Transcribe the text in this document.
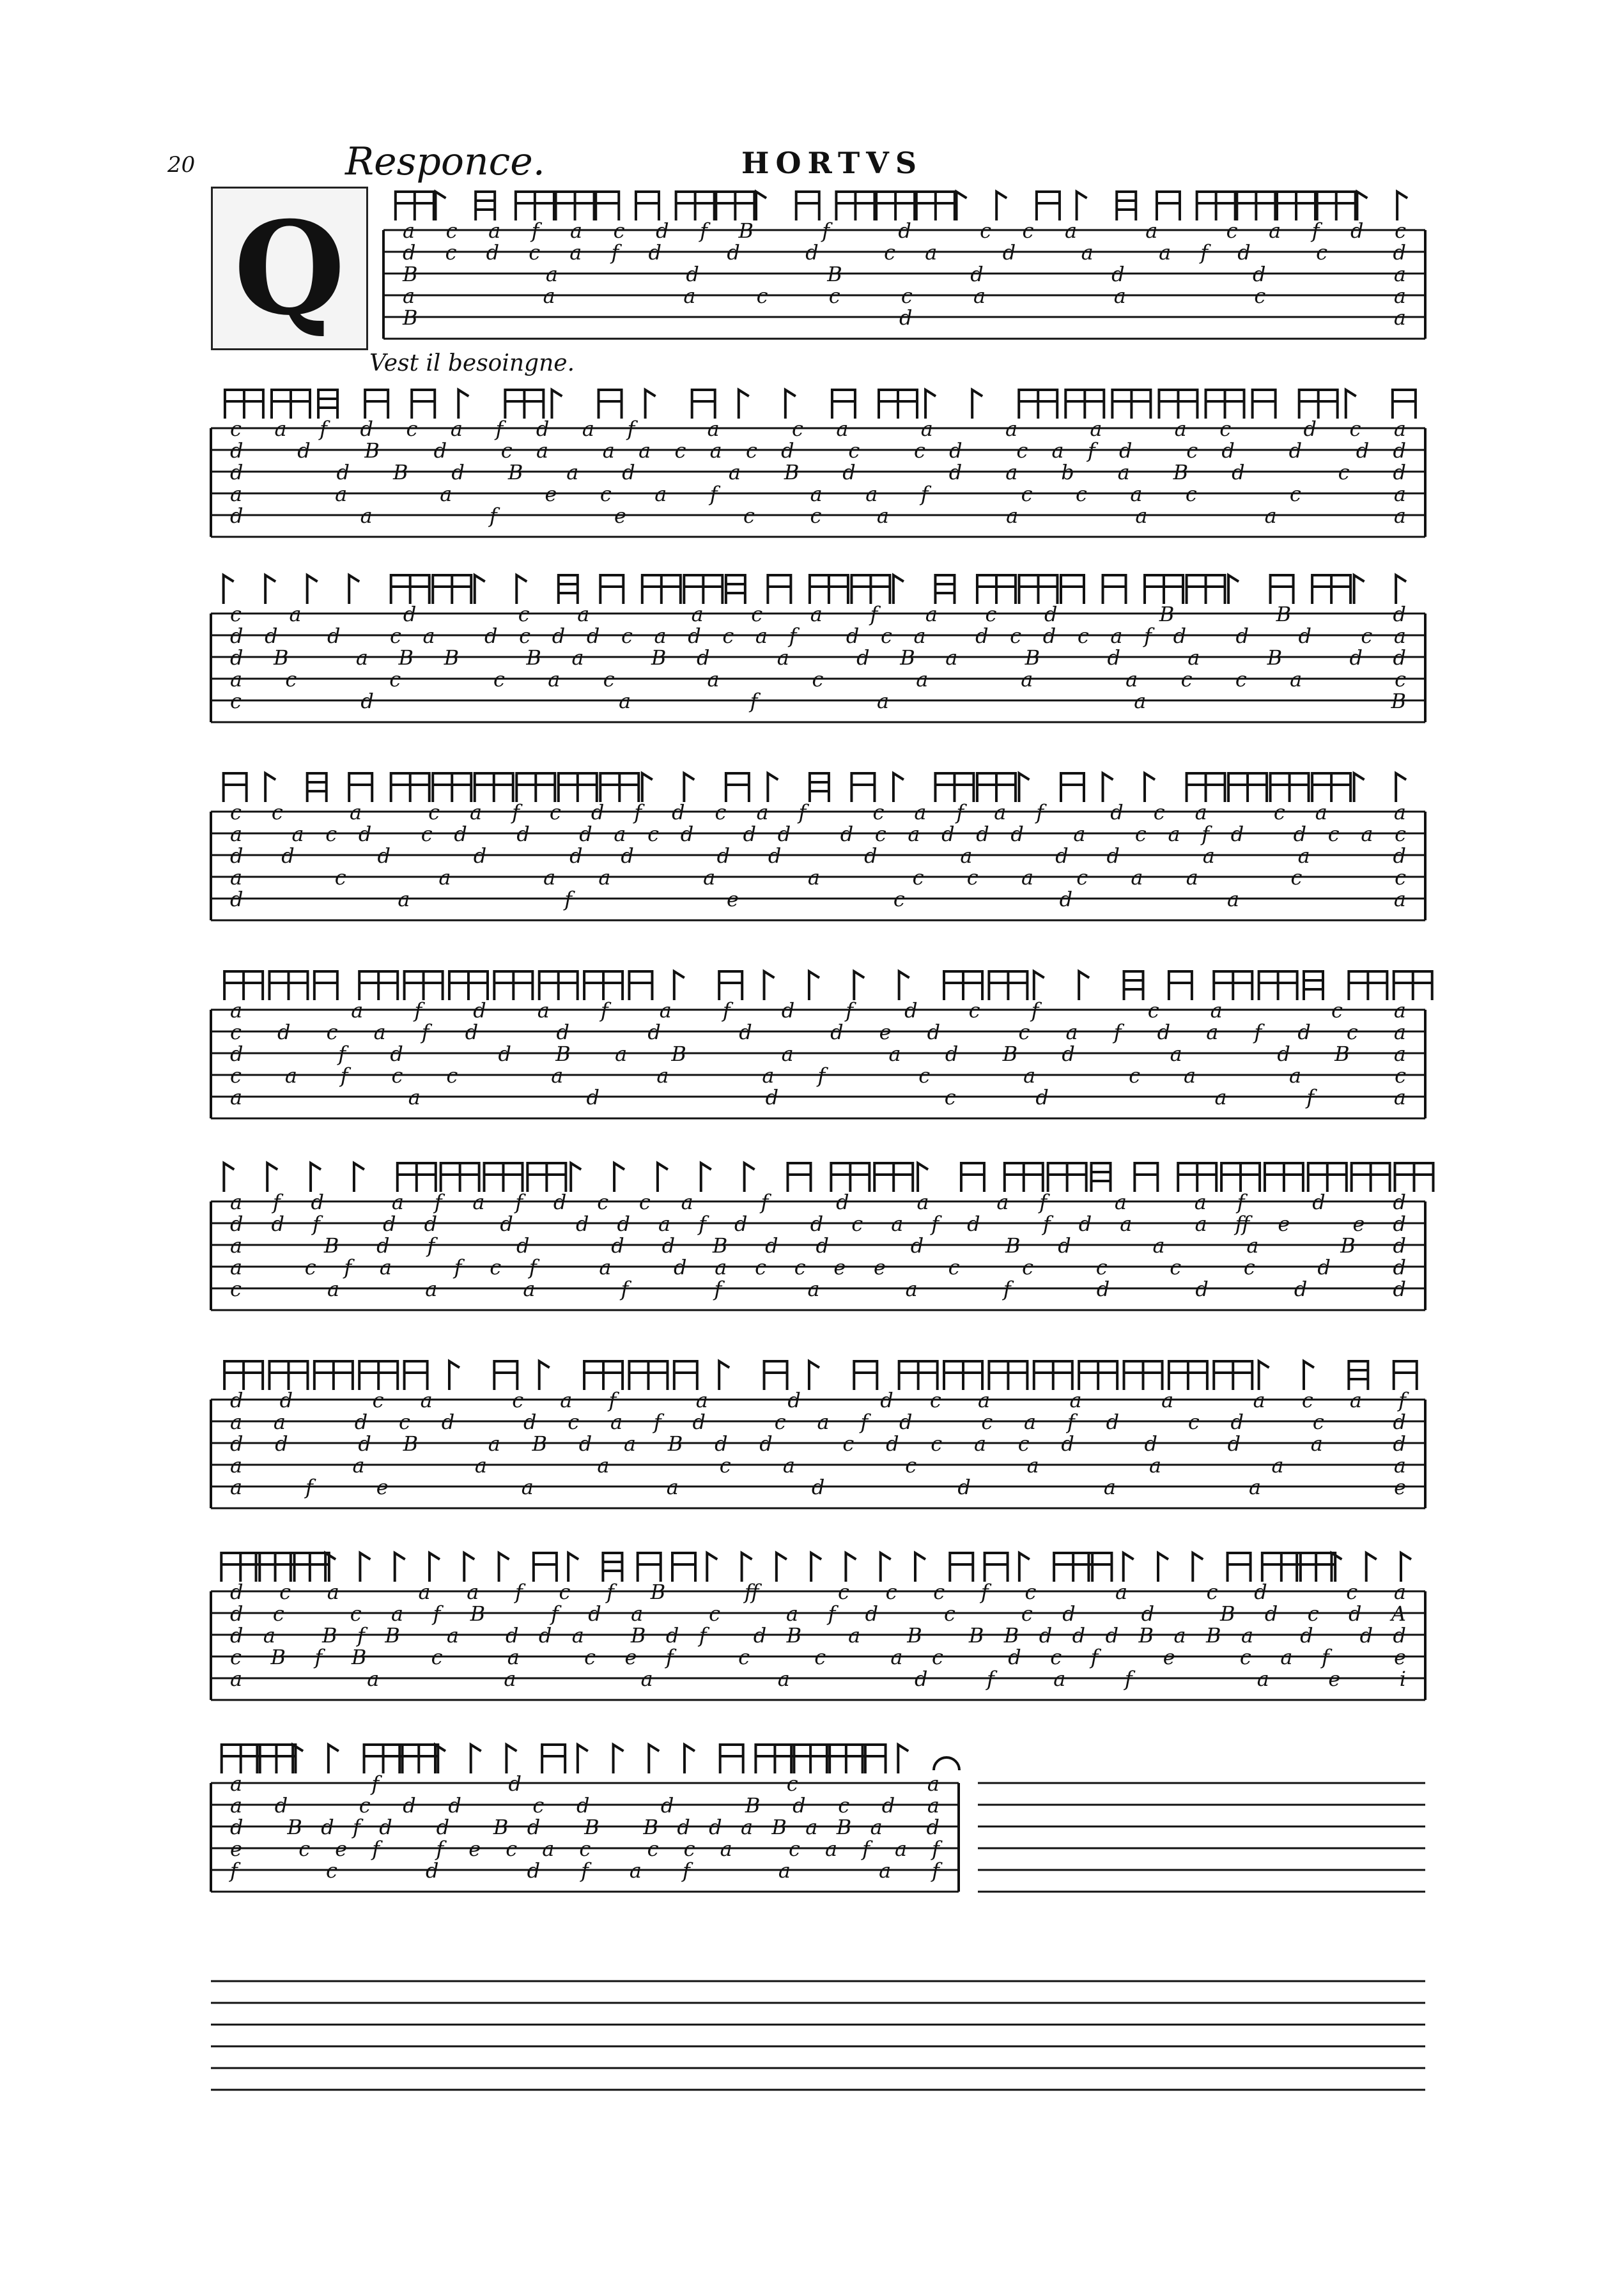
20	Responce.	HORTVS
Q
Vest il besoingne.
acafacdfB f d cca a cafdc
dcdcafd d d ca d a afd c d
B a d B d d d a
a a accca a c a
B d a
cafdcafdaf a ca a a a ac dca
d d B d ca aacacd c cd cafd cd d dd
d dBdBad aBd dabaBd cd
a a a ecaf aaf ccac c a
d a f e cca a a a a
ca d ca acafacd B B d
dd d ca dcddcadcaf dca dcdcafd d d ca
dB aBB Ba Bd a dBa B d a B dd
ac c cac a c a a acca c
cd afa a B
cc a cafcdfdcaf cafaf dca ca a
a acd cd d dacd dd dcaddd a cafd dcac
dd d d dd dd d a dd a a d
a c a aa a a ccacaa c c
d a f e c d a a
a afdafafdfdcf ca ca
cdcafd d d d ded cafdafdca
d fd dBaB a adBd a dBa
cafcc a a af c a ca a c
a a d d cd afa
afd afafdcca f d a af a af d d
ddf dd d ddafd dcafd fda affe ed
a Bdf d ddBdd d Bd a a Bd
a cfa fcf a daccee c c c c c d d
c a a a f f a a f d d d d
dd ca caf a d dca a a acaf
aa dcd dcafd cafd cafd cd c d
dd dB aBdaBdd cdcacd d d a d
a a a a ca c a a a a
afe a a d d a a e
dca aafcfB ff cccfc a cd ca
dc cafB fda c afd c cd d BdcdA
da BfB a dda Bdf dB a B BBdddBaBa d dd
cBfB c a cef c c ac dcf e caf e
a a a a a dfaf aei
afd ca
ad cdd cd d Bdcda
d Bdfd d Bd B BddaBaBa d
e cef fecac cca cafaf
f c d dfaf a af
